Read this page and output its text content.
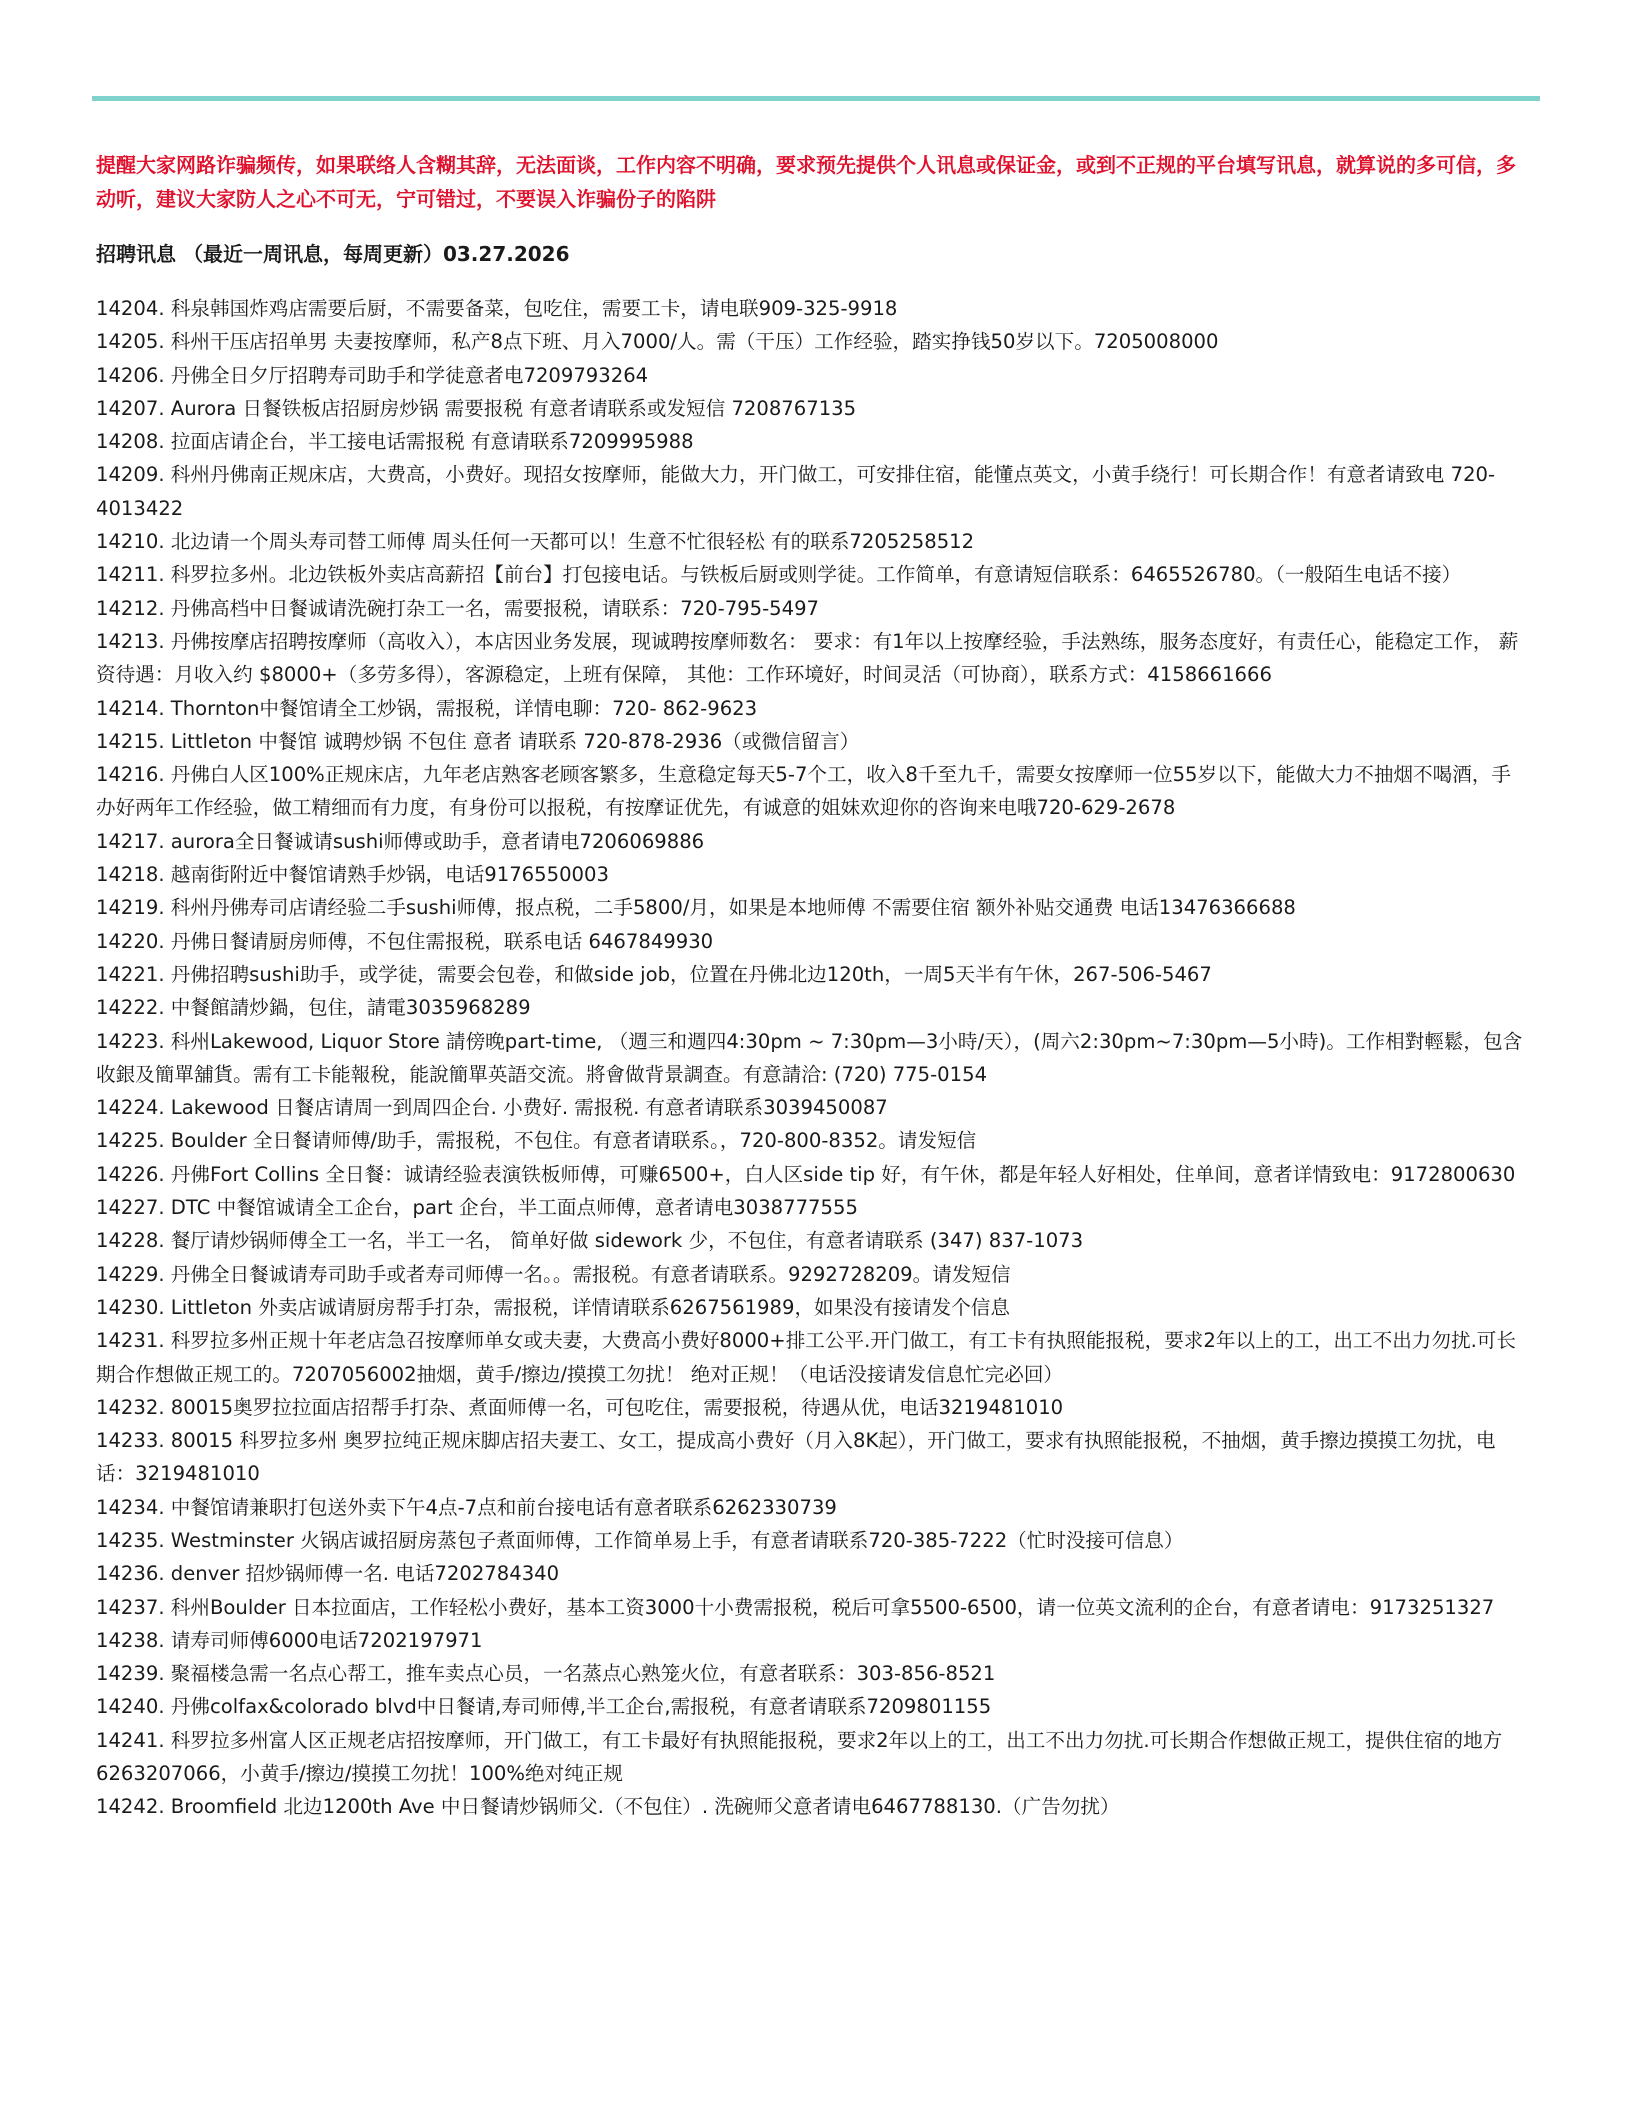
提醒大家网路诈骗频传，如果联络人含糊其辞，无法面谈，工作内容不明确，要求预先提供个人讯息或保证金，或到不正规的平台填写讯息，就算说的多可信，多动听，建议大家防人之心不可无，宁可错过，不要误入诈骗份子的陷阱

招聘讯息 （最近一周讯息，每周更新）03.27.2026

14204. 科泉韩国炸鸡店需要后厨，不需要备菜，包吃住，需要工卡，请电联909-325-9918
14205. 科州干压店招单男 夫妻按摩师，私产8点下班、月入7000/人。需（干压）工作经验，踏实挣钱50岁以下。7205008000
14206. 丹佛全日夕厅招聘寿司助手和学徒意者电7209793264
14207. Aurora 日餐铁板店招厨房炒锅 需要报税 有意者请联系或发短信 7208767135
14208. 拉面店请企台，半工接电话需报税 有意请联系7209995988
14209. 科州丹佛南正规床店，大费高，小费好。现招女按摩师，能做大力，开门做工，可安排住宿，能懂点英文，小黄手绕行！可长期合作！有意者请致电 720-4013422
14210. 北边请一个周头寿司替工师傅 周头任何一天都可以！生意不忙很轻松 有的联系7205258512
14211. 科罗拉多州。北边铁板外卖店高薪招【前台】打包接电话。与铁板后厨或则学徒。工作简单，有意请短信联系：6465526780。（一般陌生电话不接）
14212. 丹佛高档中日餐诚请洗碗打杂工一名，需要报税，请联系：720-795-5497
14213. 丹佛按摩店招聘按摩师（高收入），本店因业务发展，现诚聘按摩师数名： 要求：有1年以上按摩经验，手法熟练，服务态度好，有责任心，能稳定工作， 薪资待遇：月收入约 $8000+（多劳多得），客源稳定，上班有保障， 其他：工作环境好，时间灵活（可协商），联系方式：4158661666
14214. Thornton中餐馆请全工炒锅，需报税，详情电聊：720- 862-9623
14215. Littleton 中餐馆 诚聘炒锅 不包住 意者 请联系 720-878-2936（或微信留言）
14216. 丹佛白人区100%正规床店，九年老店熟客老顾客繁多，生意稳定每天5-7个工，收入8千至九千，需要女按摩师一位55岁以下，能做大力不抽烟不喝酒，手办好两年工作经验，做工精细而有力度，有身份可以报税，有按摩证优先，有诚意的姐妹欢迎你的咨询来电哦720-629-2678
14217. aurora全日餐诚请sushi师傅或助手，意者请电7206069886
14218. 越南街附近中餐馆请熟手炒锅，电话9176550003
14219. 科州丹佛寿司店请经验二手sushi师傅，报点税，二手5800/月，如果是本地师傅 不需要住宿 额外补贴交通费 电话13476366688
14220. 丹佛日餐请厨房师傅，不包住需报税，联系电话 6467849930
14221. 丹佛招聘sushi助手，或学徒，需要会包卷，和做side job，位置在丹佛北边120th，一周5天半有午休，267-506-5467
14222. 中餐館請炒鍋，包住，請電3035968289
14223. 科州Lakewood, Liquor Store 請傍晚part-time, （週三和週四4:30pm ~ 7:30pm—3小時/天），(周六2:30pm~7:30pm—5小時)。工作相對輕鬆，包含收銀及簡單舖貨。需有工卡能報稅，能說簡單英語交流。將會做背景調查。有意請洽: (720) 775-0154
14224. Lakewood 日餐店请周一到周四企台. 小费好. 需报税. 有意者请联系3039450087
14225. Boulder 全日餐请师傅/助手，需报税，不包住。有意者请联系。，720-800-8352。请发短信
14226. 丹佛Fort Collins 全日餐：诚请经验表演铁板师傅，可赚6500+，白人区side tip 好，有午休，都是年轻人好相处，住单间，意者详情致电：9172800630
14227. DTC 中餐馆诚请全工企台，part 企台，半工面点师傅，意者请电3038777555
14228. 餐厅请炒锅师傅全工一名，半工一名， 简单好做 sidework 少，不包住，有意者请联系 (347) 837-1073
14229. 丹佛全日餐诚请寿司助手或者寿司师傅一名。。需报税。有意者请联系。9292728209。请发短信
14230. Littleton 外卖店诚请厨房帮手打杂，需报税，详情请联系6267561989，如果没有接请发个信息
14231. 科罗拉多州正规十年老店急召按摩师单女或夫妻，大费高小费好8000+排工公平.开门做工，有工卡有执照能报税，要求2年以上的工，出工不出力勿扰.可长期合作想做正规工的。7207056002抽烟，黄手/擦边/摸摸工勿扰！ 绝对正规！（电话没接请发信息忙完必回）
14232. 80015奥罗拉拉面店招帮手打杂、煮面师傅一名，可包吃住，需要报税，待遇从优，电话3219481010
14233. 80015 科罗拉多州 奥罗拉纯正规床脚店招夫妻工、女工，提成高小费好（月入8K起），开门做工，要求有执照能报税，不抽烟，黄手擦边摸摸工勿扰，电话：3219481010
14234. 中餐馆请兼职打包送外卖下午4点-7点和前台接电话有意者联系6262330739
14235. Westminster 火锅店诚招厨房蒸包子煮面师傅，工作简单易上手，有意者请联系720-385-7222（忙时没接可信息）
14236. denver 招炒锅师傅一名. 电话7202784340
14237. 科州Boulder 日本拉面店，工作轻松小费好，基本工资3000十小费需报税，税后可拿5500-6500，请一位英文流利的企台，有意者请电：9173251327
14238. 请寿司师傅6000电话7202197971
14239. 聚福楼急需一名点心帮工，推车卖点心员，一名蒸点心熟笼火位，有意者联系：303-856-8521
14240. 丹佛colfax&colorado blvd中日餐请,寿司师傅,半工企台,需报税，有意者请联系7209801155
14241. 科罗拉多州富人区正规老店招按摩师，开门做工，有工卡最好有执照能报税，要求2年以上的工，出工不出力勿扰.可长期合作想做正规工，提供住宿的地方6263207066，小黄手/擦边/摸摸工勿扰！100%绝对纯正规
14242. Broomfield 北边1200th Ave 中日餐请炒锅师父.（不包住）. 洗碗师父意者请电6467788130.（广告勿扰）
